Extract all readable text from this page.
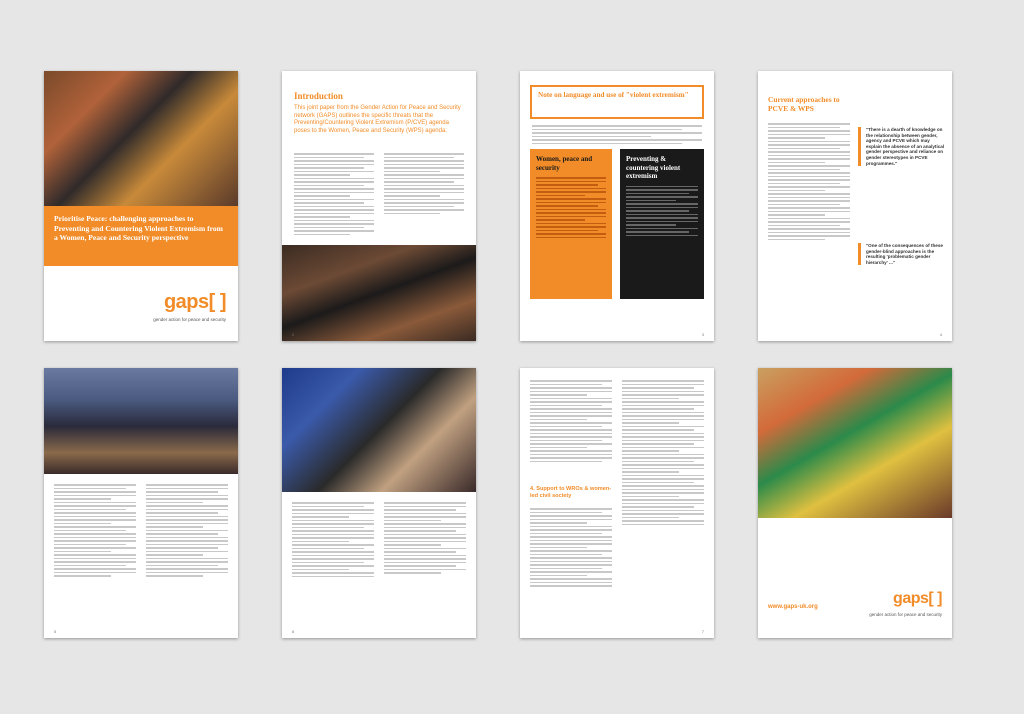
Prioritise Peace: challenging approaches to Preventing and Countering Violent Extremism from a Women, Peace and Security perspective
gaps[ ]
gender action for peace and security
Introduction
This joint paper from the Gender Action for Peace and Security network (GAPS) outlines the specific threats that the Preventing/Countering Violent Extremism (P/CVE) agenda poses to the Women, Peace and Security (WPS) agenda:
2
Note on language and use of "violent extremism"
Women, peace and security
Preventing & countering violent extremism
3
Current approaches to PCVE & WPS
"There is a dearth of knowledge on the relationship between gender, agency and PCVE which may explain the absence of an analytical gender perspective and reliance on gender stereotypes in PCVE programmes."
"One of the consequences of these gender-blind approaches is the resulting 'problematic gender hierarchy' ..."
4
5	6
4. Support to WROs & women-led civil society
7
www.gaps-uk.org	gaps[ ]
gender action for peace and security
